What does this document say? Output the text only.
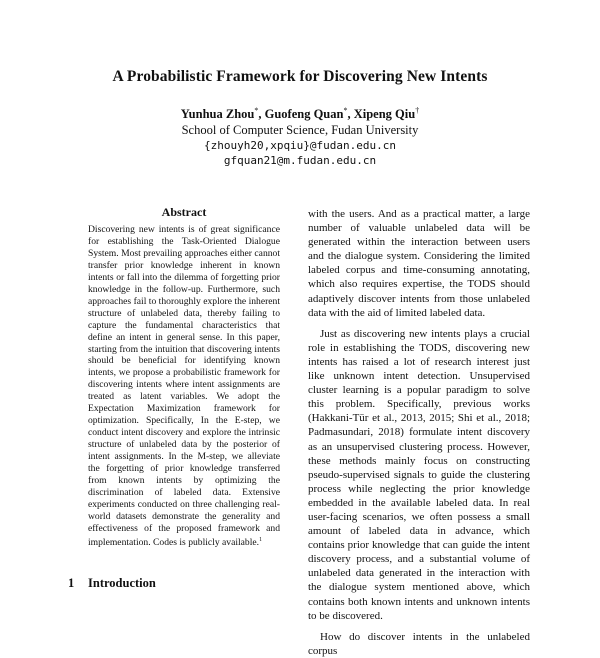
A Probabilistic Framework for Discovering New Intents
Yunhua Zhou*, Guofeng Quan*, Xipeng Qiu†
School of Computer Science, Fudan University
{zhouyh20,xpqiu}@fudan.edu.cn
gfquan21@m.fudan.edu.cn
Abstract
Discovering new intents is of great significance for establishing the Task-Oriented Dialogue System. Most prevailing approaches either cannot transfer prior knowledge inherent in known intents or fall into the dilemma of forgetting prior knowledge in the follow-up. Furthermore, such approaches fail to thoroughly explore the inherent structure of unlabeled data, thereby failing to capture the fundamental characteristics that define an intent in general sense. In this paper, starting from the intuition that discovering intents should be beneficial for identifying known intents, we propose a probabilistic framework for discovering intents where intent assignments are treated as latent variables. We adopt the Expectation Maximization framework for optimization. Specifically, In the E-step, we conduct intent discovery and explore the intrinsic structure of unlabeled data by the posterior of intent assignments. In the M-step, we alleviate the forgetting of prior knowledge transferred from known intents by optimizing the discrimination of labeled data. Extensive experiments conducted on three challenging real-world datasets demonstrate the generality and effectiveness of the proposed framework and implementation. Codes is publicly available.$^1$
1 Introduction

with the users. And as a practical matter, a large number of valuable unlabeled data will be generated within the interaction between users and the dialogue system. Considering the limited labeled corpus and time-consuming annotating, which also requires expertise, the TODS should adaptively discover intents from those unlabeled data with the aid of limited labeled data.

Just as discovering new intents plays a crucial role in establishing the TODS, discovering new intents has raised a lot of research interest just like unknown intent detection. Unsupervised cluster learning is a popular paradigm to solve this problem. Specifically, previous works (Hakkani-Tür et al., 2013, 2015; Shi et al., 2018; Padmasundari, 2018) formulate intent discovery as an unsupervised clustering process. However, these methods mainly focus on constructing pseudo-supervised signals to guide the clustering process while neglecting the prior knowledge embedded in the available labeled data. In real user-facing scenarios, we often possess a small amount of labeled data in advance, which contains prior knowledge that can guide the intent discovery process, and a substantial volume of unlabeled data generated in the interaction with the dialogue system mentioned above, which contains both known intents and unknown intents to be discovered.

How do discover intents in the unlabeled corpus
